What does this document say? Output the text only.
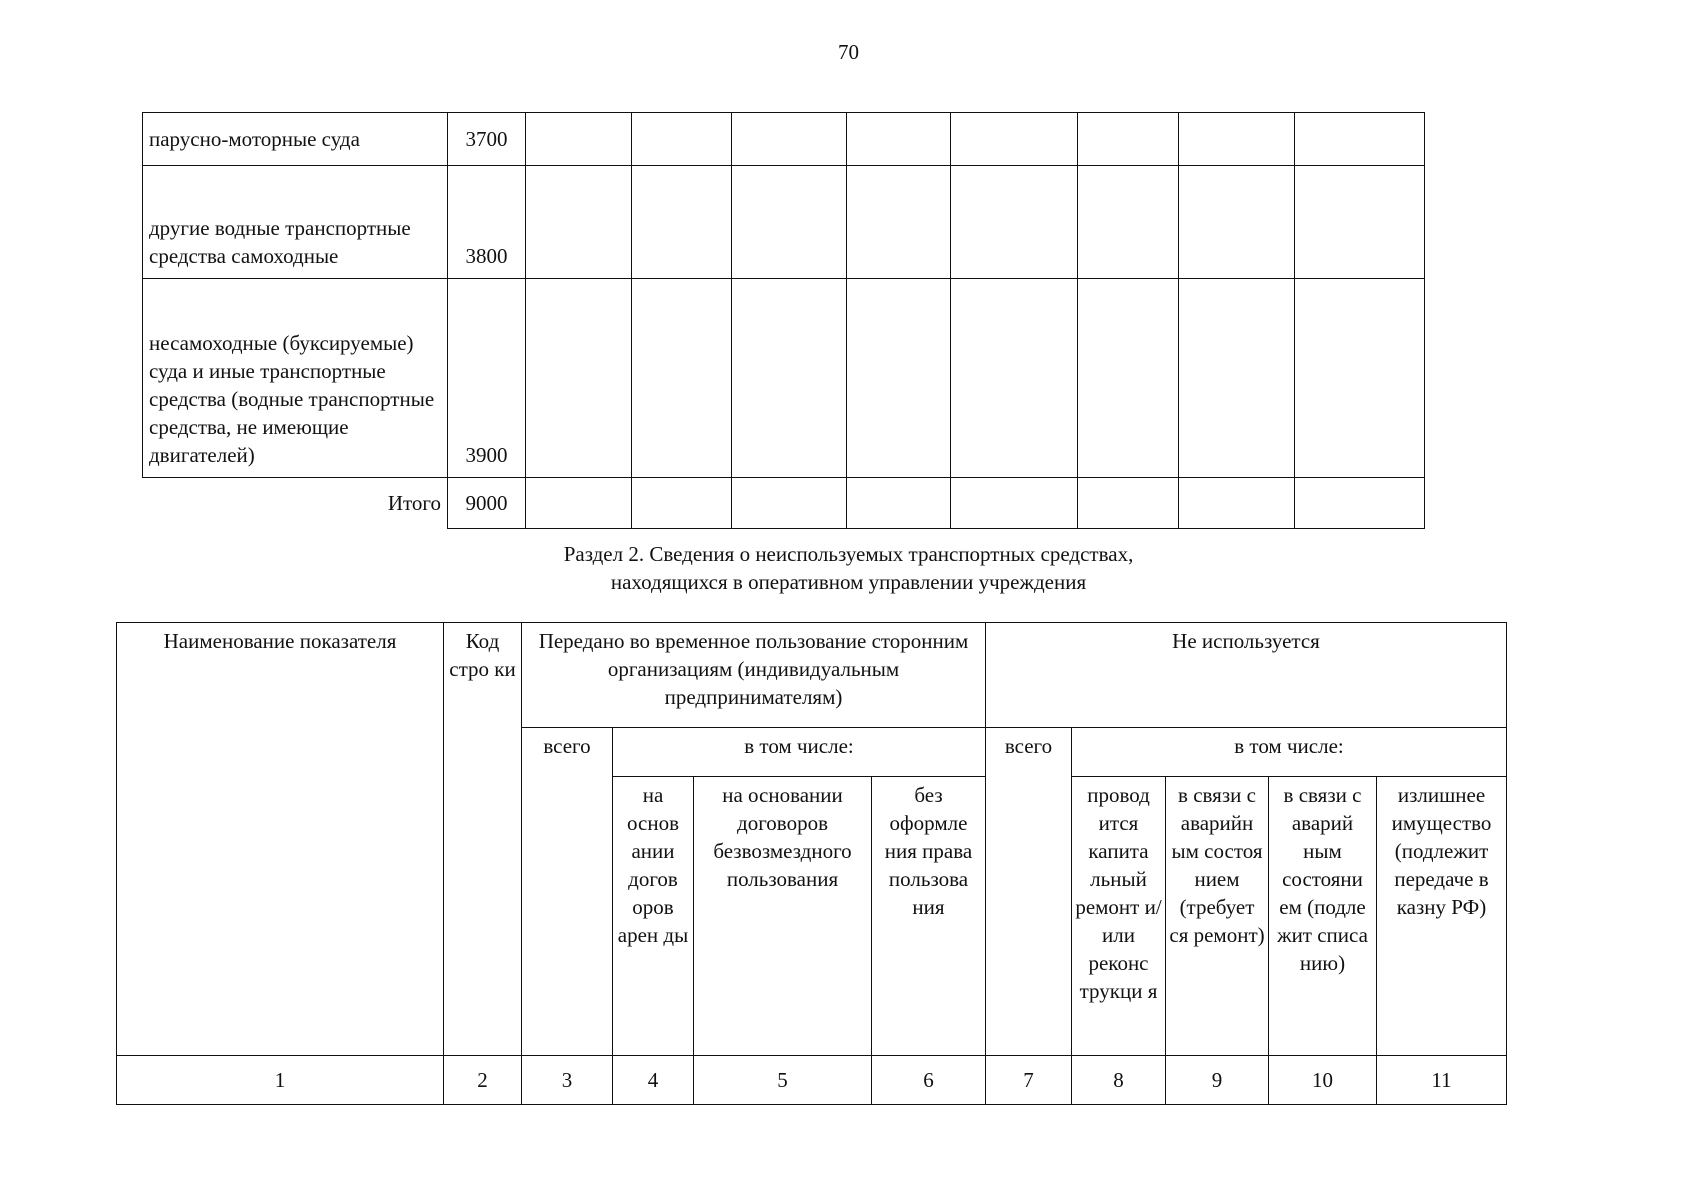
70
парусно-моторные суда	3700								
другие водные транспортные средства самоходные	3800								
несамоходные (буксируемые) суда и иные транспортные средства (водные транспортные средства, не имеющие двигателей)	3900								
Итого	9000								
Раздел 2. Сведения о неиспользуемых транспортных средствах,
находящихся в оперативном управлении учреждения
Наименование показателя	Код стро ки	Передано во временное пользование сторонним организациям (индивидуальным предпринимателям)				Не используется				
		всего	в том числе:			всего	в том числе:			
			на основ ании догов оров арен ды	на основании договоров безвозмездного пользования	без оформле ния права пользова ния		провод ится капита льный ремонт и/или реконс трукци я	в связи с аварийн ым состоя нием (требует ся ремонт)	в связи с аварий ным состояни ем (подле жит списа нию)	излишнее имущество (подлежит передаче в казну РФ)
1	2	3	4	5	6	7	8	9	10	11
